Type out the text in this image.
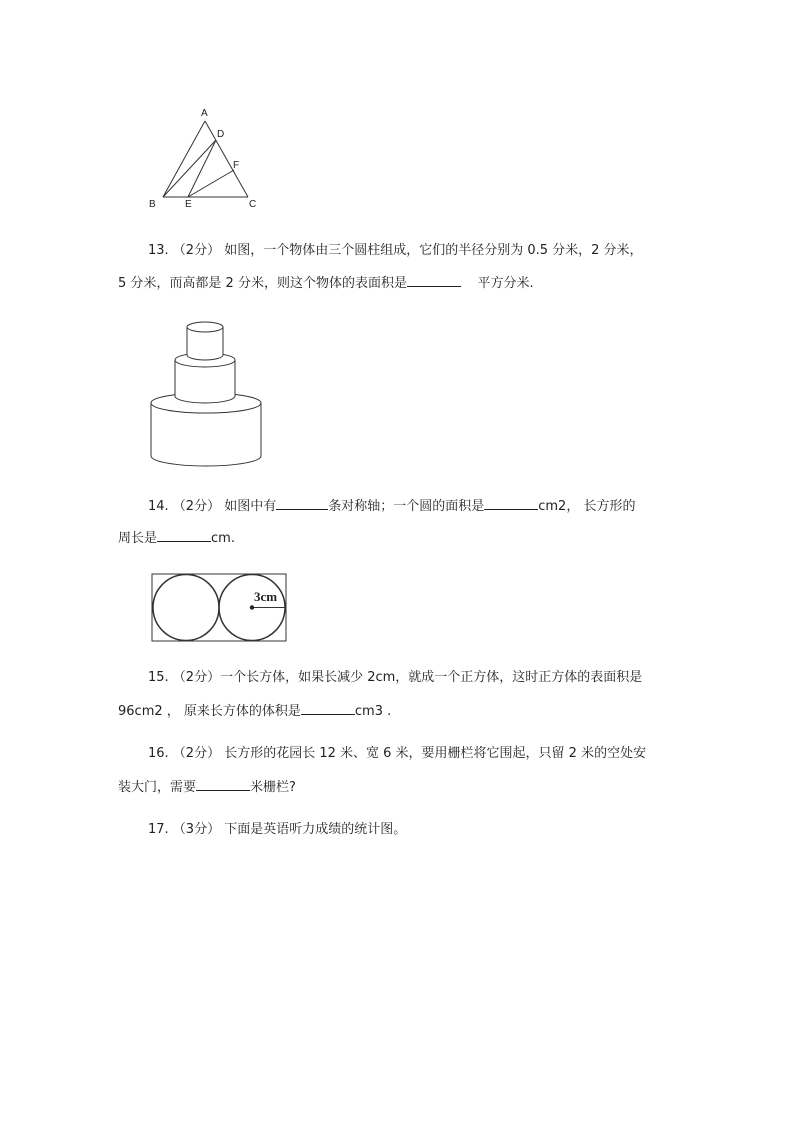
A
D
F
B	E	C
13. （2分） 如图，一个物体由三个圆柱组成，它们的半径分别为 0.5 分米，2 分米，
5 分米，而高都是 2 分米，则这个物体的表面积是	平方分米.
14. （2分） 如图中有	条对称轴；一个圆的面积是	cm2， 长方形的
周长是	cm.
3cm
15. （2分）一个长方体，如果长减少 2cm，就成一个正方体，这时正方体的表面积是
96cm2 ， 原来长方体的体积是	cm3 .
16. （2分） 长方形的花园长 12 米、宽 6 米，要用栅栏将它围起，只留 2 米的空处安
装大门，需要	米栅栏?
17. （3分） 下面是英语听力成绩的统计图。
